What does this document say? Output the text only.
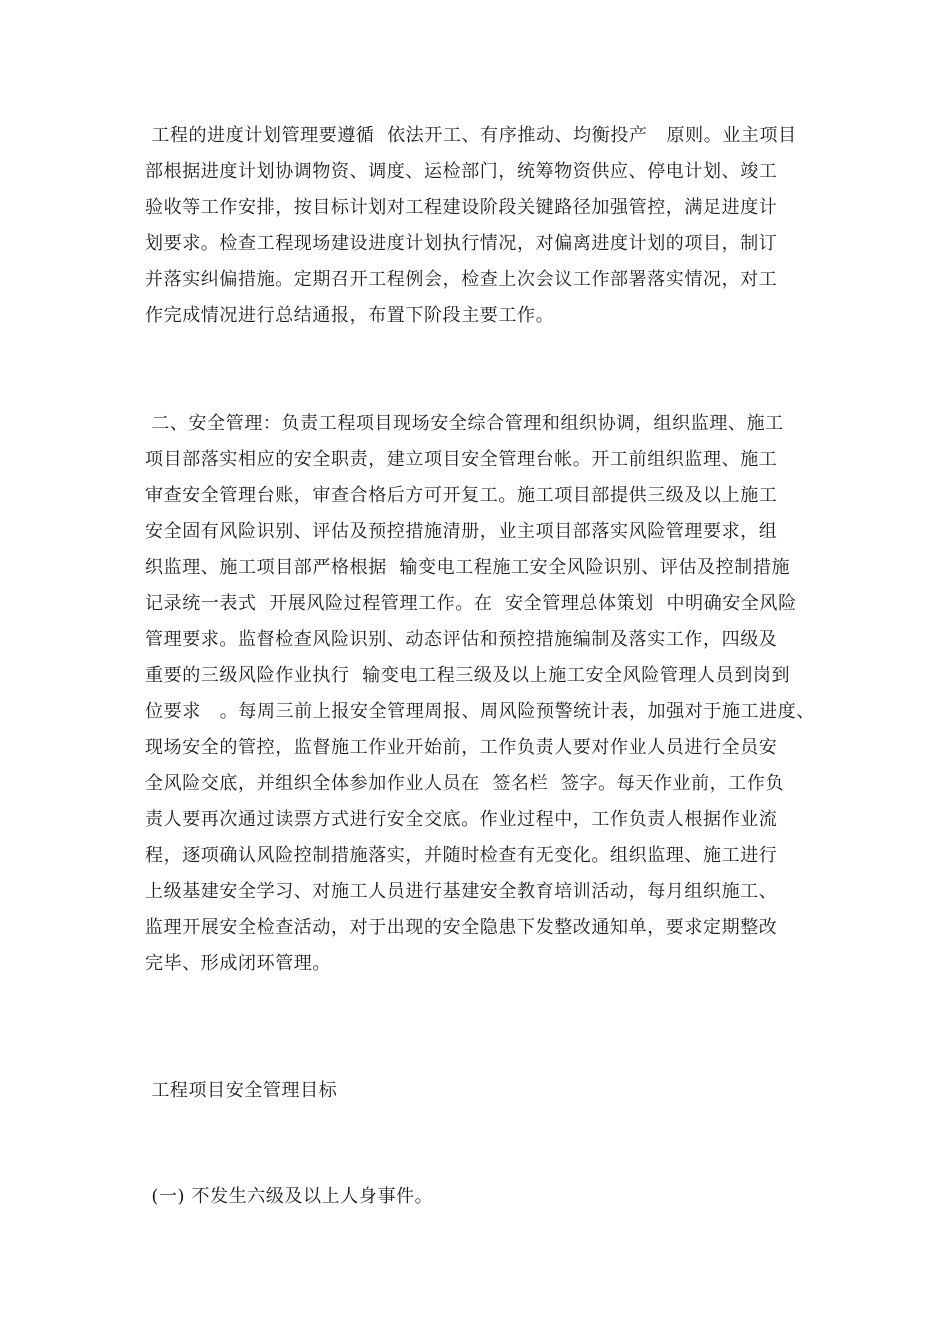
工程的进度计划管理要遵循  依法开工、有序推动、均衡投产   原则。业主项目
部根据进度计划协调物资、调度、运检部门，统筹物资供应、停电计划、竣工
验收等工作安排，按目标计划对工程建设阶段关键路径加强管控，满足进度计
划要求。检查工程现场建设进度计划执行情况，对偏离进度计划的项目，制订
并落实纠偏措施。定期召开工程例会，检查上次会议工作部署落实情况，对工
作完成情况进行总结通报，布置下阶段主要工作。
二、安全管理：负责工程项目现场安全综合管理和组织协调，组织监理、施工
项目部落实相应的安全职责，建立项目安全管理台帐。开工前组织监理、施工
审查安全管理台账，审查合格后方可开复工。施工项目部提供三级及以上施工
安全固有风险识别、评估及预控措施清册，业主项目部落实风险管理要求，组
织监理、施工项目部严格根据  输变电工程施工安全风险识别、评估及控制措施
记录统一表式  开展风险过程管理工作。在  安全管理总体策划  中明确安全风险
管理要求。监督检查风险识别、动态评估和预控措施编制及落实工作，四级及
重要的三级风险作业执行  输变电工程三级及以上施工安全风险管理人员到岗到
位要求   。每周三前上报安全管理周报、周风险预警统计表，加强对于施工进度、
现场安全的管控，监督施工作业开始前，工作负责人要对作业人员进行全员安
全风险交底，并组织全体参加作业人员在  签名栏  签字。每天作业前，工作负
责人要再次通过读票方式进行安全交底。作业过程中，工作负责人根据作业流
程，逐项确认风险控制措施落实，并随时检查有无变化。组织监理、施工进行
上级基建安全学习、对施工人员进行基建安全教育培训活动，每月组织施工、
监理开展安全检查活动，对于出现的安全隐患下发整改通知单，要求定期整改
完毕、形成闭环管理。
工程项目安全管理目标
(一) 不发生六级及以上人身事件。
